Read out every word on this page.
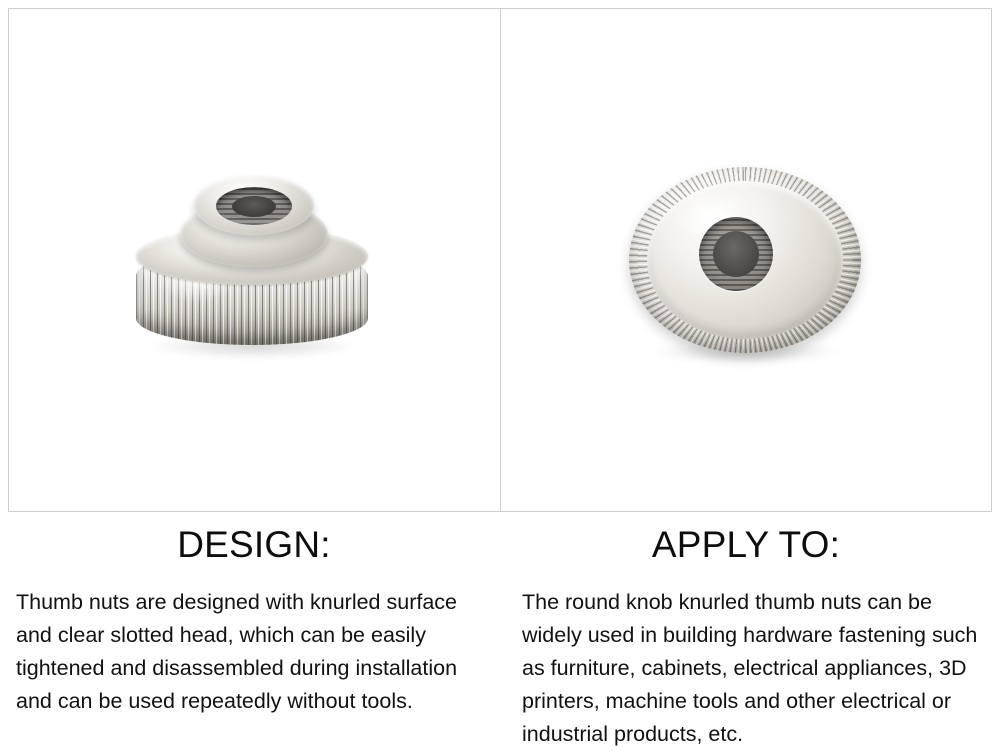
DESIGN:

Thumb nuts are designed with knurled surface and clear slotted head, which can be easily tightened and disassembled during installation and can be used repeatedly without tools.

APPLY TO:

The round knob knurled thumb nuts can be widely used in building hardware fastening such as furniture, cabinets, electrical appliances, 3D printers, machine tools and other electrical or industrial products, etc.
